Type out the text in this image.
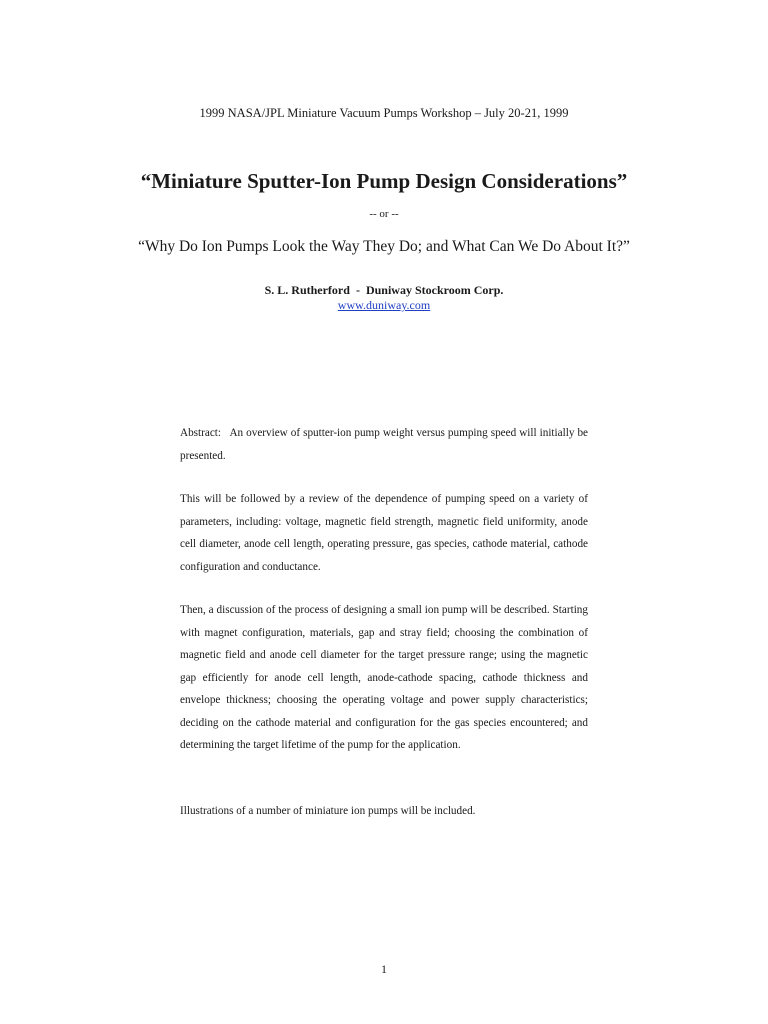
1999 NASA/JPL Miniature Vacuum Pumps Workshop – July 20-21, 1999

“Miniature Sputter-Ion Pump Design Considerations”

-- or --

“Why Do Ion Pumps Look the Way They Do; and What Can We Do About It?”

S. L. Rutherford - Duniway Stockroom Corp.

www.duniway.com

Abstract: An overview of sputter-ion pump weight versus pumping speed will initially be presented.

This will be followed by a review of the dependence of pumping speed on a variety of parameters, including: voltage, magnetic field strength, magnetic field uniformity, anode cell diameter, anode cell length, operating pressure, gas species, cathode material, cathode configuration and conductance.

Then, a discussion of the process of designing a small ion pump will be described. Starting with magnet configuration, materials, gap and stray field; choosing the combination of magnetic field and anode cell diameter for the target pressure range; using the magnetic gap efficiently for anode cell length, anode-cathode spacing, cathode thickness and envelope thickness; choosing the operating voltage and power supply characteristics; deciding on the cathode material and configuration for the gas species encountered; and determining the target lifetime of the pump for the application.

Illustrations of a number of miniature ion pumps will be included.

1
